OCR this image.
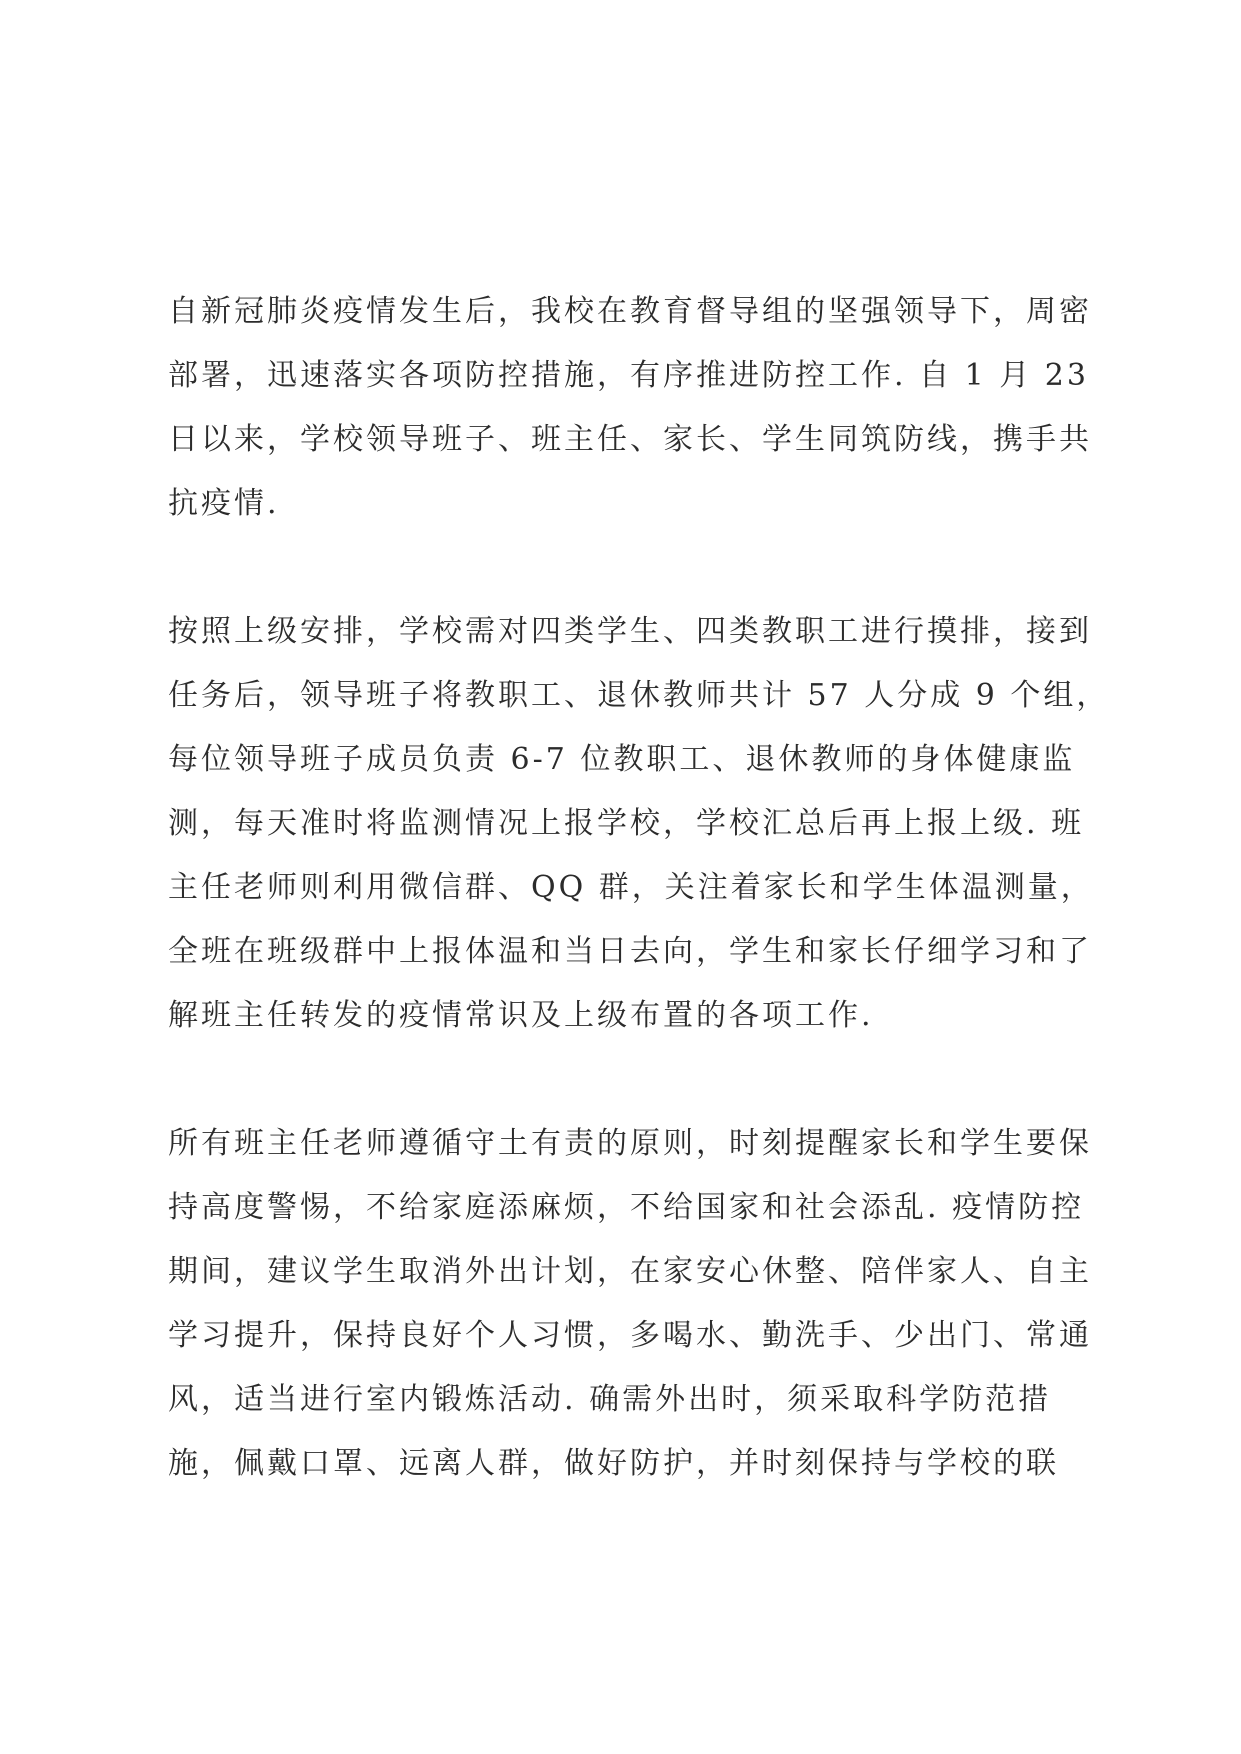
自新冠肺炎疫情发生后，我校在教育督导组的坚强领导下，周密
部署，迅速落实各项防控措施，有序推进防控工作. 自 1 月 23
日以来，学校领导班子、班主任、家长、学生同筑防线，携手共
抗疫情.
按照上级安排，学校需对四类学生、四类教职工进行摸排，接到
任务后，领导班子将教职工、退休教师共计 57 人分成 9 个组，
每位领导班子成员负责 6-7 位教职工、退休教师的身体健康监
测，每天准时将监测情况上报学校，学校汇总后再上报上级. 班
主任老师则利用微信群、QQ 群，关注着家长和学生体温测量，
全班在班级群中上报体温和当日去向，学生和家长仔细学习和了
解班主任转发的疫情常识及上级布置的各项工作.
所有班主任老师遵循守土有责的原则，时刻提醒家长和学生要保
持高度警惕，不给家庭添麻烦，不给国家和社会添乱. 疫情防控
期间，建议学生取消外出计划，在家安心休整、陪伴家人、自主
学习提升，保持良好个人习惯，多喝水、勤洗手、少出门、常通
风，适当进行室内锻炼活动. 确需外出时，须采取科学防范措
施，佩戴口罩、远离人群，做好防护，并时刻保持与学校的联
